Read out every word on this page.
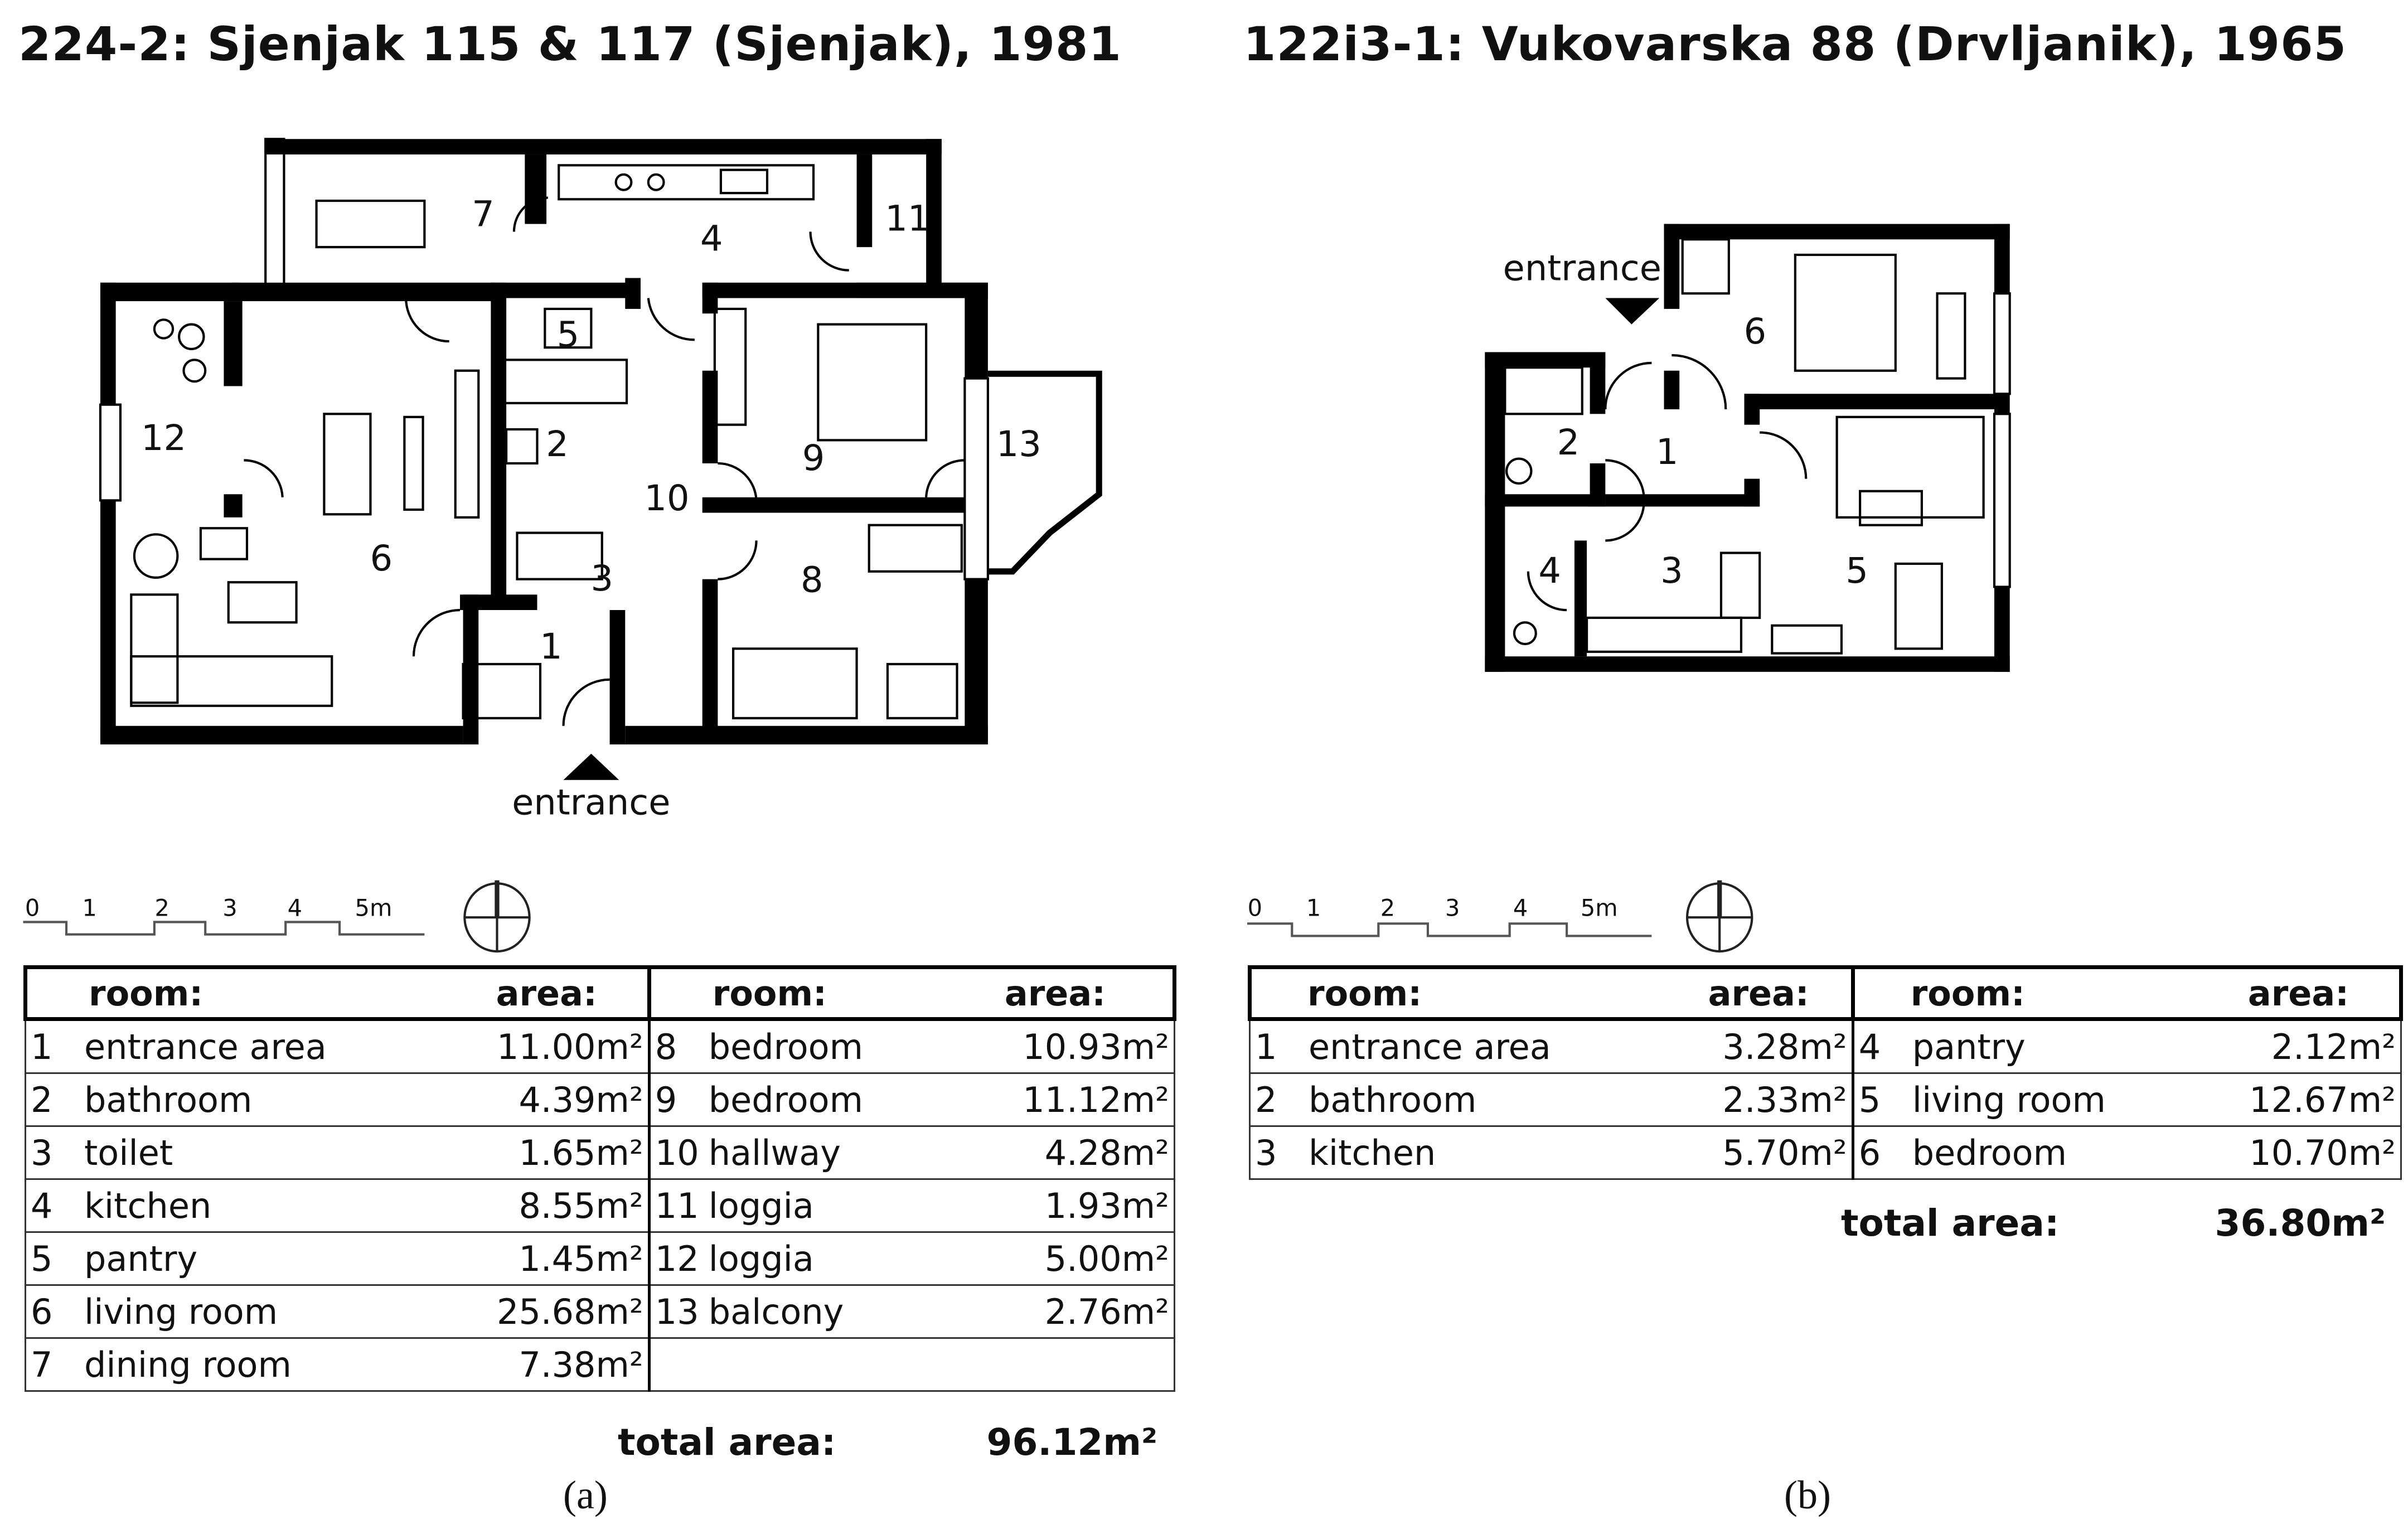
224-2: Sjenjak 115 & 117 (Sjenjak), 1981	122i3-1: Vukovarska 88 (Drvljanik), 1965
entrance
1
2
3
4
5
6
7
8
9
10
11
12	13
0	1	2	3	4	5m
entrance
1
2
3
4	5
6
0	1	2	3	4	5m
room:		area:	room:		area:
1	entrance area	11.00m²	8	bedroom	10.93m²
2	bathroom	4.39m²	9	bedroom	11.12m²
3	toilet	1.65m²	10	hallway	4.28m²
4	kitchen	8.55m²	11	loggia	1.93m²
5	pantry	1.45m²	12	loggia	5.00m²
6	living room	25.68m²	13	balcony	2.76m²
7	dining room	7.38m²			
total area:	96.12m²
(a)
room:		area:	room:		area:
1	entrance area	3.28m²	4	pantry	2.12m²
2	bathroom	2.33m²	5	living room	12.67m²
3	kitchen	5.70m²	6	bedroom	10.70m²
total area:	36.80m²
(b)
